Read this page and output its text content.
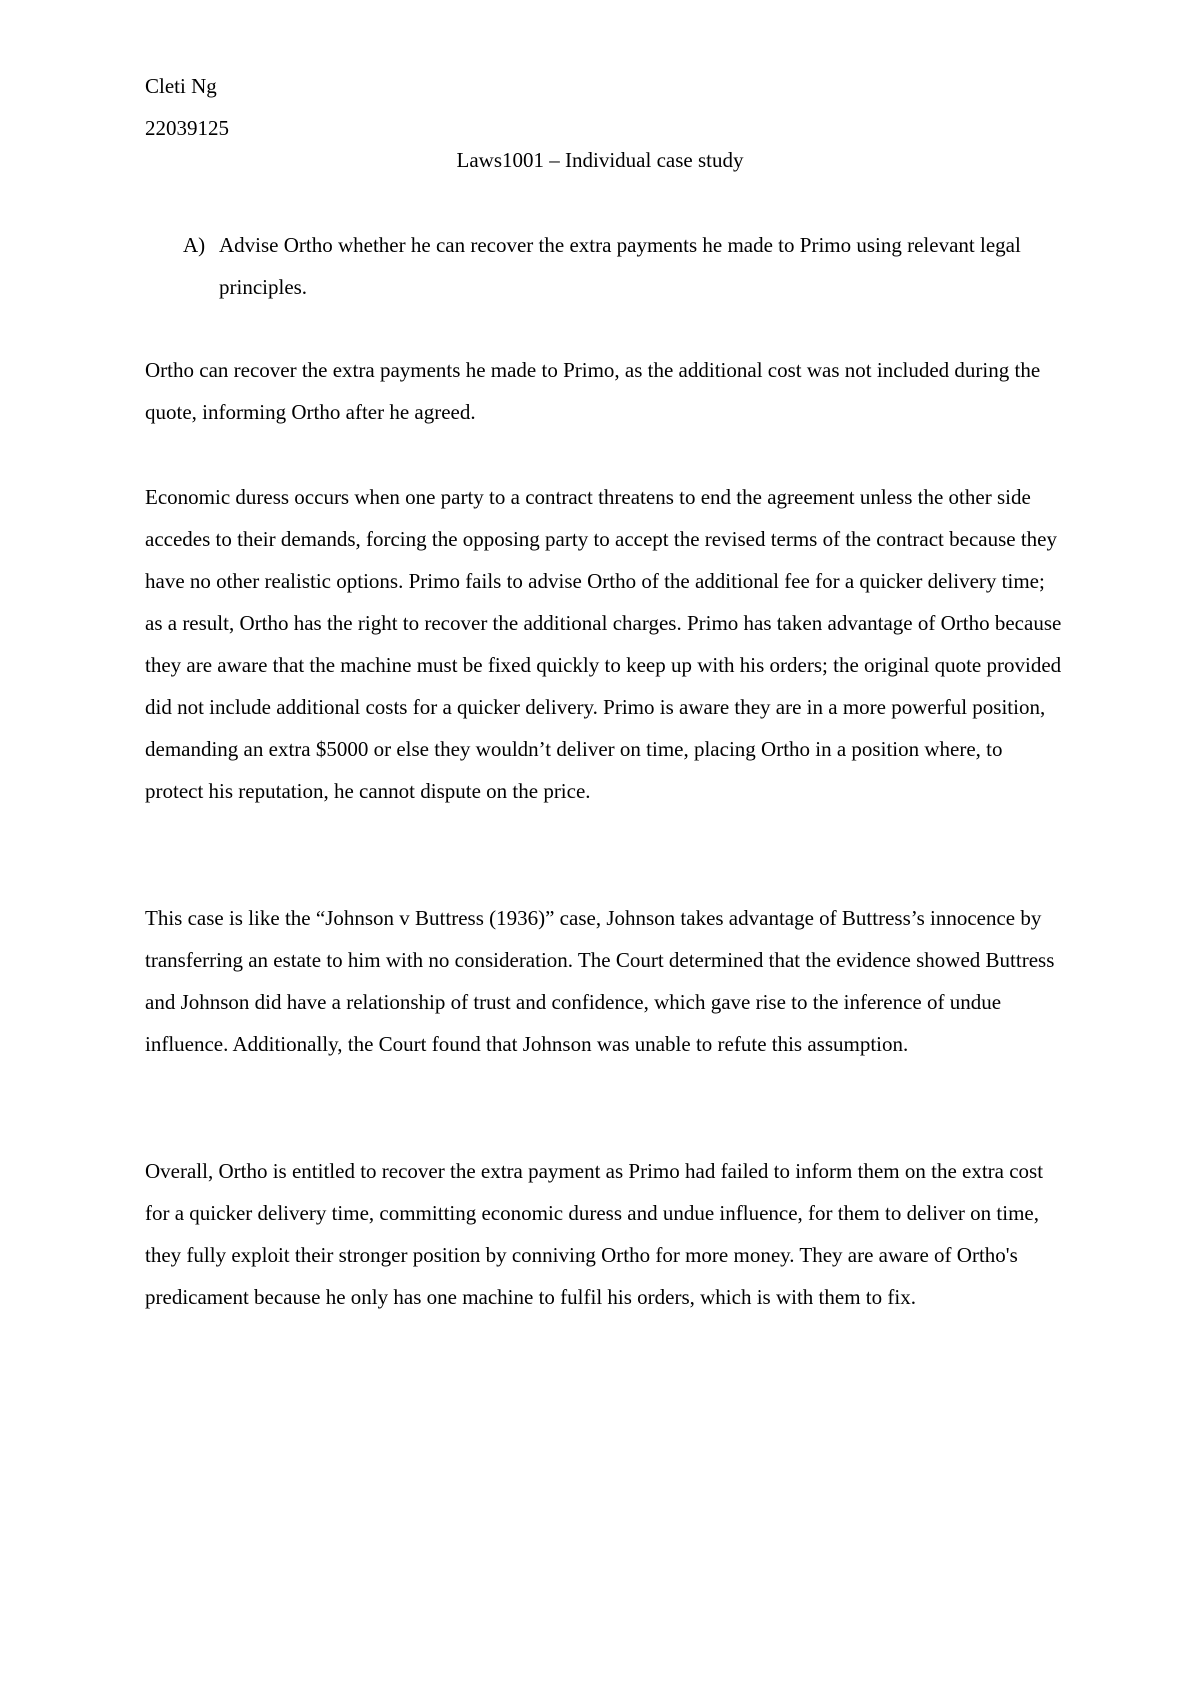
Cleti Ng

22039125

Laws1001 – Individual case study

A) Advise Ortho whether he can recover the extra payments he made to Primo using relevant legal principles.

Ortho can recover the extra payments he made to Primo, as the additional cost was not included during the quote, informing Ortho after he agreed.

Economic duress occurs when one party to a contract threatens to end the agreement unless the other side accedes to their demands, forcing the opposing party to accept the revised terms of the contract because they have no other realistic options. Primo fails to advise Ortho of the additional fee for a quicker delivery time; as a result, Ortho has the right to recover the additional charges. Primo has taken advantage of Ortho because they are aware that the machine must be fixed quickly to keep up with his orders; the original quote provided did not include additional costs for a quicker delivery. Primo is aware they are in a more powerful position, demanding an extra $5000 or else they wouldn’t deliver on time, placing Ortho in a position where, to protect his reputation, he cannot dispute on the price.

This case is like the “Johnson v Buttress (1936)” case, Johnson takes advantage of Buttress’s innocence by transferring an estate to him with no consideration. The Court determined that the evidence showed Buttress and Johnson did have a relationship of trust and confidence, which gave rise to the inference of undue influence. Additionally, the Court found that Johnson was unable to refute this assumption.

Overall, Ortho is entitled to recover the extra payment as Primo had failed to inform them on the extra cost for a quicker delivery time, committing economic duress and undue influence, for them to deliver on time, they fully exploit their stronger position by conniving Ortho for more money. They are aware of Ortho's predicament because he only has one machine to fulfil his orders, which is with them to fix.
